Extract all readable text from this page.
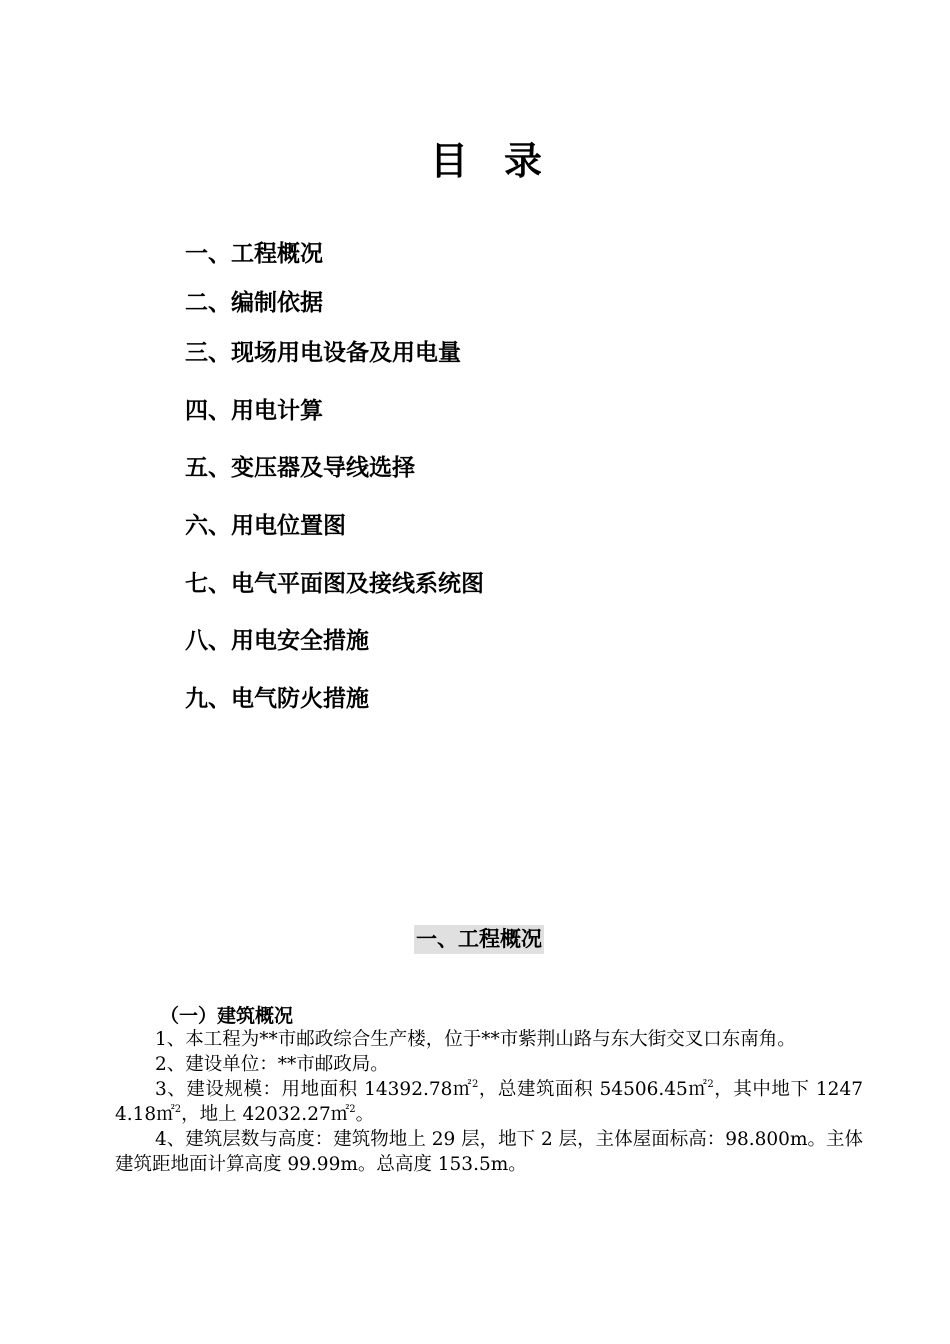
目 录
一、工程概况
二、编制依据
三、现场用电设备及用电量
四、用电计算
五、变压器及导线选择
六、用电位置图
七、电气平面图及接线系统图
八、用电安全措施
九、电气防火措施
一、工程概况
（一）建筑概况

1、本工程为**市邮政综合生产楼，位于**市紫荆山路与东大街交叉口东南角。

2、建设单位：**市邮政局。

3、建设规模：用地面积 14392.78㎡$^2$，总建筑面积 54506.45㎡$^2$，其中地下 12474.18㎡$^2$，地上 42032.27㎡$^2$。

4、建筑层数与高度：建筑物地上 29 层，地下 2 层，主体屋面标高：98.800m。主体建筑距地面计算高度 99.99m。总高度 153.5m。
